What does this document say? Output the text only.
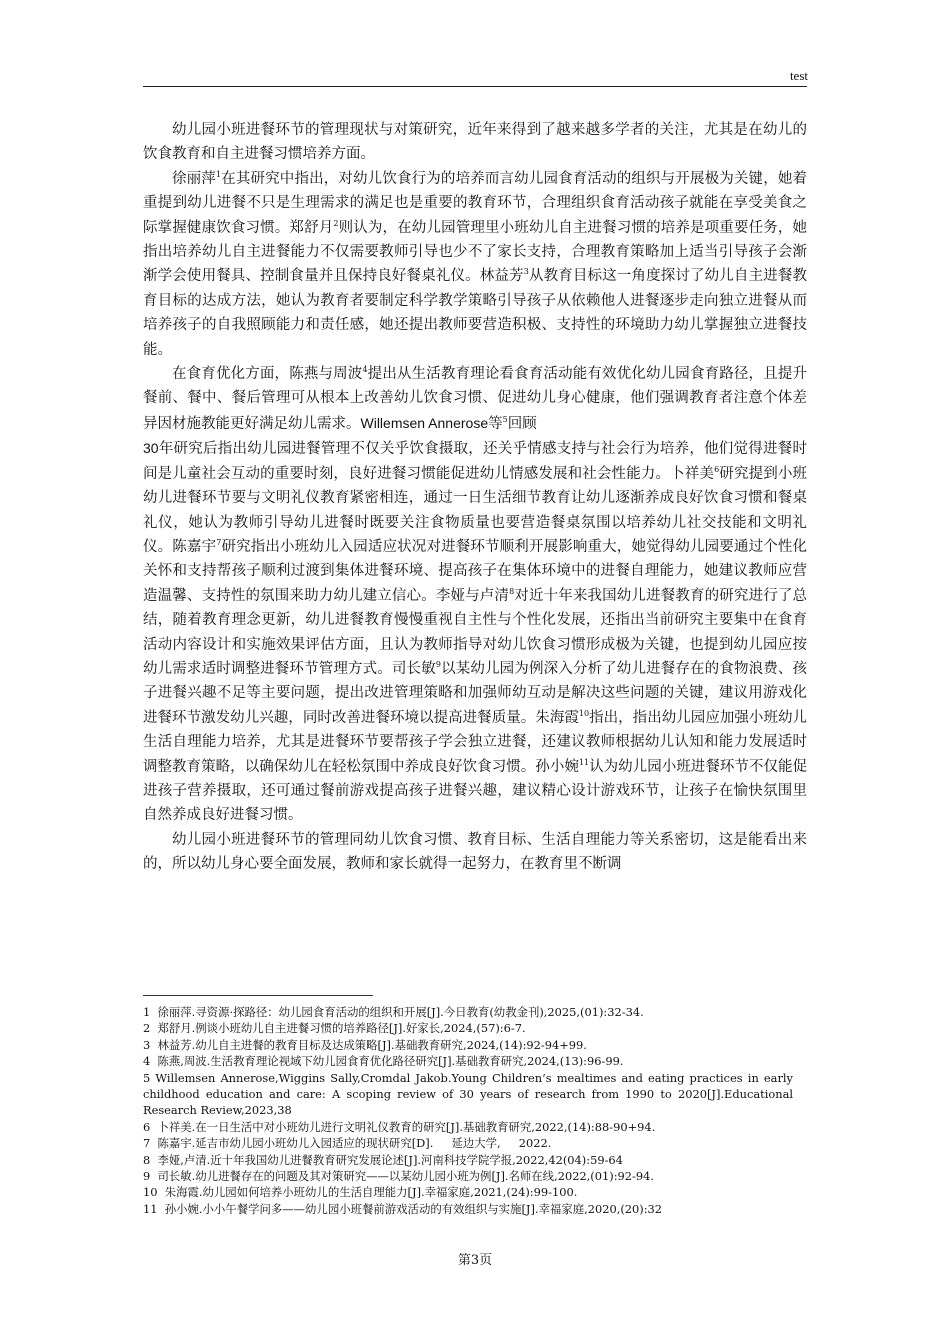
test

幼儿园小班进餐环节的管理现状与对策研究，近年来得到了越来越多学者的关注，尤其是在幼儿的饮食教育和自主进餐习惯培养方面。

徐丽萍$^1$在其研究中指出，对幼儿饮食行为的培养而言幼儿园食育活动的组织与开展极为关键，她着重提到幼儿进餐不只是生理需求的满足也是重要的教育环节，合理组织食育活动孩子就能在享受美食之际掌握健康饮食习惯。郑舒月$^2$则认为，在幼儿园管理里小班幼儿自主进餐习惯的培养是项重要任务，她指出培养幼儿自主进餐能力不仅需要教师引导也少不了家长支持，合理教育策略加上适当引导孩子会渐渐学会使用餐具、控制食量并且保持良好餐桌礼仪。林益芳$^3$从教育目标这一角度探讨了幼儿自主进餐教育目标的达成方法，她认为教育者要制定科学教学策略引导孩子从依赖他人进餐逐步走向独立进餐从而培养孩子的自我照顾能力和责任感，她还提出教师要营造积极、支持性的环境助力幼儿掌握独立进餐技能。

在食育优化方面，陈燕与周波$^4$提出从生活教育理论看食育活动能有效优化幼儿园食育路径，且提升餐前、餐中、餐后管理可从根本上改善幼儿饮食习惯、促进幼儿身心健康，他们强调教育者注意个体差异因材施教能更好满足幼儿需求。Willemsen Annerose等$^5$回顾
30年研究后指出幼儿园进餐管理不仅关乎饮食摄取，还关乎情感支持与社会行为培养，他们觉得进餐时间是儿童社会互动的重要时刻，良好进餐习惯能促进幼儿情感发展和社会性能力。卜祥美$^6$研究提到小班幼儿进餐环节要与文明礼仪教育紧密相连，通过一日生活细节教育让幼儿逐渐养成良好饮食习惯和餐桌礼仪，她认为教师引导幼儿进餐时既要关注食物质量也要营造餐桌氛围以培养幼儿社交技能和文明礼仪。陈嘉宇$^7$研究指出小班幼儿入园适应状况对进餐环节顺利开展影响重大，她觉得幼儿园要通过个性化关怀和支持帮孩子顺利过渡到集体进餐环境、提高孩子在集体环境中的进餐自理能力，她建议教师应营造温馨、支持性的氛围来助力幼儿建立信心。李娅与卢清$^8$对近十年来我国幼儿进餐教育的研究进行了总结，随着教育理念更新，幼儿进餐教育慢慢重视自主性与个性化发展，还指出当前研究主要集中在食育活动内容设计和实施效果评估方面，且认为教师指导对幼儿饮食习惯形成极为关键，也提到幼儿园应按幼儿需求适时调整进餐环节管理方式。司长敏$^9$以某幼儿园为例深入分析了幼儿进餐存在的食物浪费、孩子进餐兴趣不足等主要问题，提出改进管理策略和加强师幼互动是解决这些问题的关键，建议用游戏化进餐环节激发幼儿兴趣，同时改善进餐环境以提高进餐质量。朱海霞$^{10}$指出，指出幼儿园应加强小班幼儿生活自理能力培养，尤其是进餐环节要帮孩子学会独立进餐，还建议教师根据幼儿认知和能力发展适时调整教育策略，以确保幼儿在轻松氛围中养成良好饮食习惯。孙小婉$^{11}$认为幼儿园小班进餐环节不仅能促进孩子营养摄取，还可通过餐前游戏提高孩子进餐兴趣，建议精心设计游戏环节，让孩子在愉快氛围里自然养成良好进餐习惯。

幼儿园小班进餐环节的管理同幼儿饮食习惯、教育目标、生活自理能力等关系密切，这是能看出来的，所以幼儿身心要全面发展，教师和家长就得一起努力，在教育里不断调

1  徐丽萍.寻资源·探路径：幼儿园食育活动的组织和开展[J].今日教育(幼教金刊),2025,(01):32-34.
2  郑舒月.例谈小班幼儿自主进餐习惯的培养路径[J].好家长,2024,(57):6-7.
3  林益芳.幼儿自主进餐的教育目标及达成策略[J].基础教育研究,2024,(14):92-94+99.
4  陈燕,周波.生活教育理论视域下幼儿园食育优化路径研究[J].基础教育研究,2024,(13):96-99.
5 Willemsen Annerose,Wiggins Sally,Cromdal Jakob.Young Children’s mealtimes and eating practices in early childhood education and care: A scoping review of 30 years of research from 1990 to 2020[J].Educational Research Review,2023,38
6  卜祥美.在一日生活中对小班幼儿进行文明礼仪教育的研究[J].基础教育研究,2022,(14):88-90+94.
7  陈嘉宇.延吉市幼儿园小班幼儿入园适应的现状研究[D].     延边大学,     2022.
8  李娅,卢清.近十年我国幼儿进餐教育研究发展论述[J].河南科技学院学报,2022,42(04):59-64
9  司长敏.幼儿进餐存在的问题及其对策研究——以某幼儿园小班为例[J].名师在线,2022,(01):92-94.
10  朱海霞.幼儿园如何培养小班幼儿的生活自理能力[J].幸福家庭,2021,(24):99-100.
11  孙小婉.小小午餐学问多——幼儿园小班餐前游戏活动的有效组织与实施[J].幸福家庭,2020,(20):32
第3页
